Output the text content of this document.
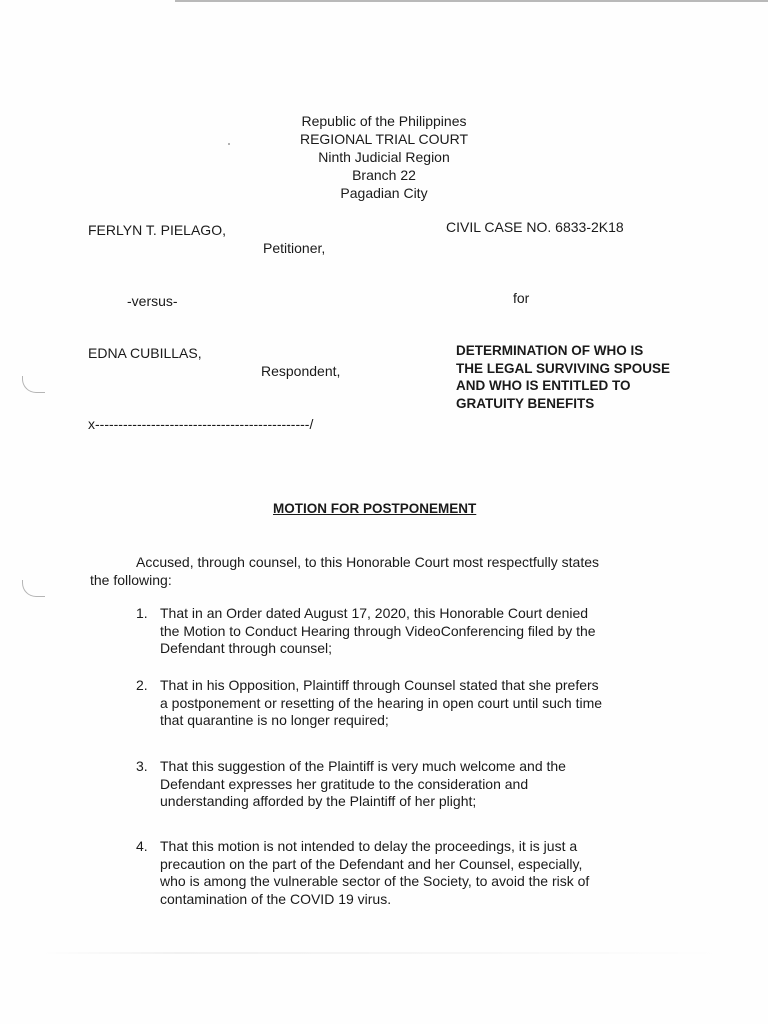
Republic of the Philippines
REGIONAL TRIAL COURT
Ninth Judicial Region
Branch 22
Pagadian City
FERLYN T. PIELAGO,
Petitioner,
CIVIL CASE NO. 6833-2K18
-versus-	for
EDNA CUBILLAS,
Respondent,
DETERMINATION OF WHO IS
THE LEGAL SURVIVING SPOUSE
AND WHO IS ENTITLED TO
GRATUITY BENEFITS
x----------------------------------------------/
MOTION FOR POSTPONEMENT
Accused, through counsel, to this Honorable Court most respectfully states
the following:
1. That in an Order dated August 17, 2020, this Honorable Court denied
the Motion to Conduct Hearing through VideoConferencing filed by the
Defendant through counsel;
2. That in his Opposition, Plaintiff through Counsel stated that she prefers
a postponement or resetting of the hearing in open court until such time
that quarantine is no longer required;
3. That this suggestion of the Plaintiff is very much welcome and the
Defendant expresses her gratitude to the consideration and
understanding afforded by the Plaintiff of her plight;
4. That this motion is not intended to delay the proceedings, it is just a
precaution on the part of the Defendant and her Counsel, especially,
who is among the vulnerable sector of the Society, to avoid the risk of
contamination of the COVID 19 virus.
